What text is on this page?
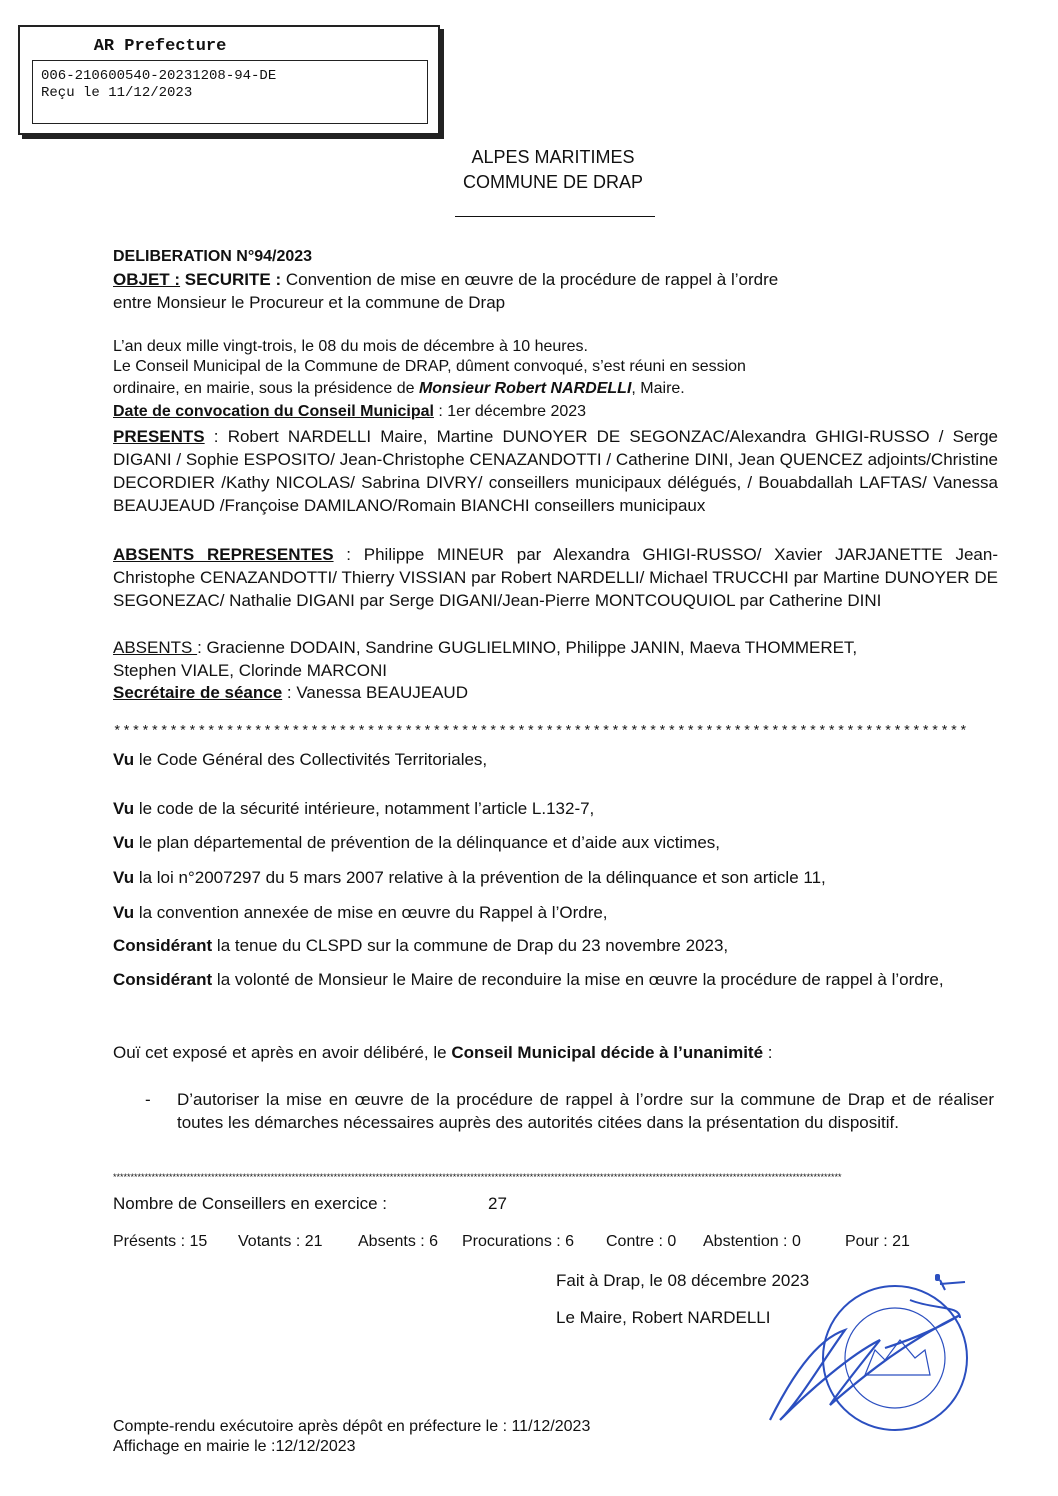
AR Prefecture
006-210600540-20231208-94-DE
Reçu le 11/12/2023
ALPES MARITIMES
COMMUNE DE DRAP
DELIBERATION N°94/2023
OBJET : SECURITE : Convention de mise en œuvre de la procédure de rappel à l’ordre
entre Monsieur le Procureur et la commune de Drap
L’an deux mille vingt-trois, le 08 du mois de décembre à 10 heures.
Le Conseil Municipal de la Commune de DRAP, dûment convoqué, s’est réuni en session
ordinaire, en mairie, sous la présidence de Monsieur Robert NARDELLI, Maire.
Date de convocation du Conseil Municipal : 1er décembre 2023
PRESENTS : Robert NARDELLI Maire, Martine DUNOYER DE SEGONZAC/Alexandra GHIGI-RUSSO / Serge DIGANI / Sophie ESPOSITO/ Jean-Christophe CENAZANDOTTI / Catherine DINI, Jean QUENCEZ adjoints/Christine DECORDIER /Kathy NICOLAS/ Sabrina DIVRY/ conseillers municipaux délégués, / Bouabdallah LAFTAS/ Vanessa BEAUJEAUD /Françoise DAMILANO/Romain BIANCHI conseillers municipaux
ABSENTS REPRESENTES : Philippe MINEUR par Alexandra GHIGI-RUSSO/ Xavier JARJANETTE Jean-Christophe CENAZANDOTTI/ Thierry VISSIAN par Robert NARDELLI/ Michael TRUCCHI par Martine DUNOYER DE SEGONEZAC/ Nathalie DIGANI par Serge DIGANI/Jean-Pierre MONTCOUQUIOL par Catherine DINI
ABSENTS : Gracienne DODAIN, Sandrine GUGLIELMINO, Philippe JANIN, Maeva THOMMERET, Stephen VIALE, Clorinde MARCONI
Secrétaire de séance : Vanessa BEAUJEAUD
*******************************************************************************************
Vu le Code Général des Collectivités Territoriales,
Vu le code de la sécurité intérieure, notamment l’article L.132-7,
Vu le plan départemental de prévention de la délinquance et d’aide aux victimes,
Vu la loi n°2007297 du 5 mars 2007 relative à la prévention de la délinquance et son article 11,
Vu la convention annexée de mise en œuvre du Rappel à l’Ordre,
Considérant la tenue du CLSPD sur la commune de Drap du 23 novembre 2023,
Considérant la volonté de Monsieur le Maire de reconduire la mise en œuvre la procédure de rappel à l’ordre,
Ouï cet exposé et après en avoir délibéré, le Conseil Municipal décide à l’unanimité :
- D’autoriser la mise en œuvre de la procédure de rappel à l’ordre sur la commune de Drap et de réaliser toutes les démarches nécessaires auprès des autorités citées dans la présentation du dispositif.
****************************************************************************************************************************************************************************************************************
Nombre de Conseillers en exercice :	27
Présents : 15 Votants : 21 Absents : 6 Procurations : 6 Contre : 0 Abstention : 0	Pour : 21
Fait à Drap, le 08 décembre 2023
Le Maire, Robert NARDELLI
Compte-rendu exécutoire après dépôt en préfecture le : 11/12/2023
Affichage en mairie le :12/12/2023
